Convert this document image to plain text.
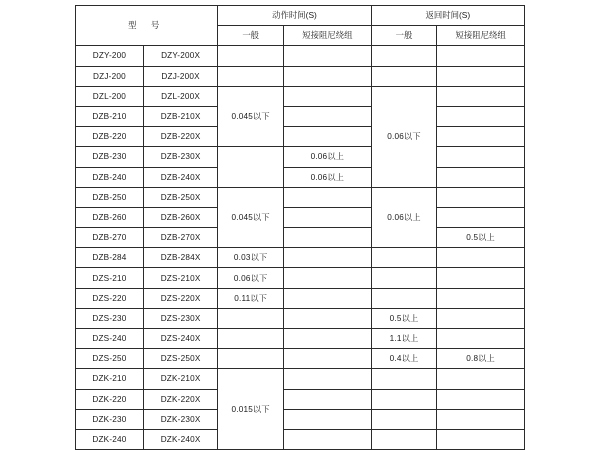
型 号		动作时间(S)		返回时间(S)	
		一般	短接阻尼绕组	一般	短接阻尼绕组
DZY-200	DZY-200X				
DZJ-200	DZJ-200X				
DZL-200	DZL-200X	0.045以下		0.06以下	
DZB-210	DZB-210X				
DZB-220	DZB-220X				
DZB-230	DZB-230X		0.06以上		
DZB-240	DZB-240X		0.06以上		
DZB-250	DZB-250X	0.045以下		0.06以上	
DZB-260	DZB-260X				
DZB-270	DZB-270X				0.5以上
DZB-284	DZB-284X	0.03以下			
DZS-210	DZS-210X	0.06以下			
DZS-220	DZS-220X	0.11以下			
DZS-230	DZS-230X			0.5以上	
DZS-240	DZS-240X			1.1以上	
DZS-250	DZS-250X			0.4以上	0.8以上
DZK-210	DZK-210X	0.015以下			
DZK-220	DZK-220X				
DZK-230	DZK-230X				
DZK-240	DZK-240X				
